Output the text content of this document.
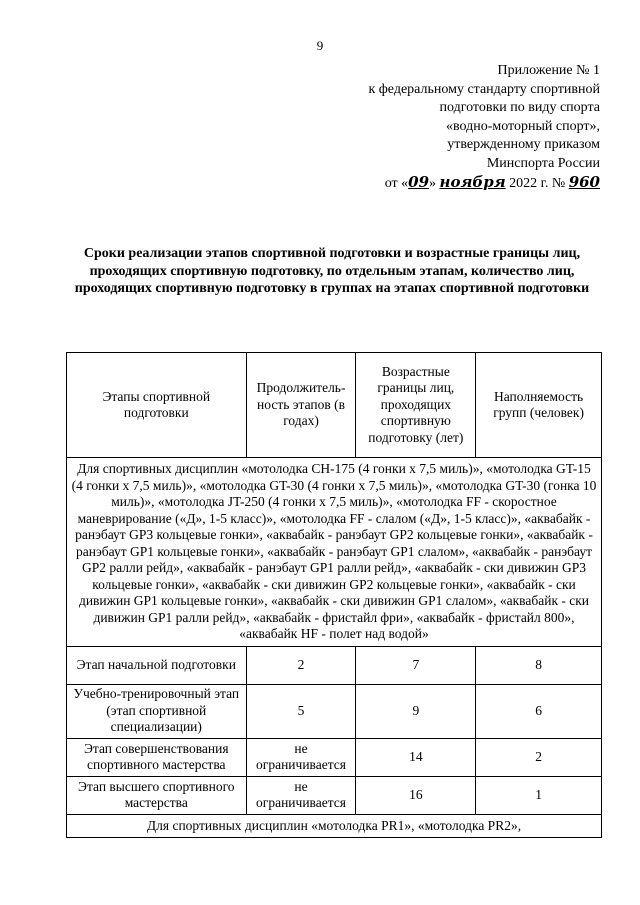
9
Приложение № 1
к федеральному стандарту спортивной
подготовки по виду спорта
«водно-моторный спорт»,
утвержденному приказом
Минспорта России
от «09» ноября 2022 г. № 960
Сроки реализации этапов спортивной подготовки и возрастные границы лиц, проходящих спортивную подготовку, по отдельным этапам, количество лиц, проходящих спортивную подготовку в группах на этапах спортивной подготовки
Этапы спортивной подготовки	Продолжитель-ность этапов (в годах)	Возрастные границы лиц, проходящих спортивную подготовку (лет)	Наполняемость групп (человек)
Для спортивных дисциплин «мотолодка СН-175 (4 гонки х 7,5 миль)», «мотолодка GT-15 (4 гонки х 7,5 миль)», «мотолодка GT-30 (4 гонки х 7,5 миль)», «мотолодка GT-30 (гонка 10 миль)», «мотолодка JT-250 (4 гонки х 7,5 миль)», «мотолодка FF - скоростное маневрирование («Д», 1-5 класс)», «мотолодка FF - слалом («Д», 1-5 класс)», «аквабайк - ранэбаут GP3 кольцевые гонки», «аквабайк - ранэбаут GP2 кольцевые гонки», «аквабайк - ранэбаут GP1 кольцевые гонки», «аквабайк - ранэбаут GP1 слалом», «аквабайк - ранэбаут GP2 ралли рейд», «аквабайк - ранэбаут GP1 ралли рейд», «аквабайк - ски дивижин GP3 кольцевые гонки», «аквабайк - ски дивижин GP2 кольцевые гонки», «аквабайк - ски дивижин GP1 кольцевые гонки», «аквабайк - ски дивижин GP1 слалом», «аквабайк - ски дивижин GP1 ралли рейд», «аквабайк - фристайл фри», «аквабайк - фристайл 800», «аквабайк HF - полет над водой»			
Этап начальной подготовки	2	7	8
Учебно-тренировочный этап (этап спортивной специализации)	5	9	6
Этап совершенствования спортивного мастерства	не ограничивается	14	2
Этап высшего спортивного мастерства	не ограничивается	16	1
Для спортивных дисциплин «мотолодка PR1», «мотолодка PR2»,			
